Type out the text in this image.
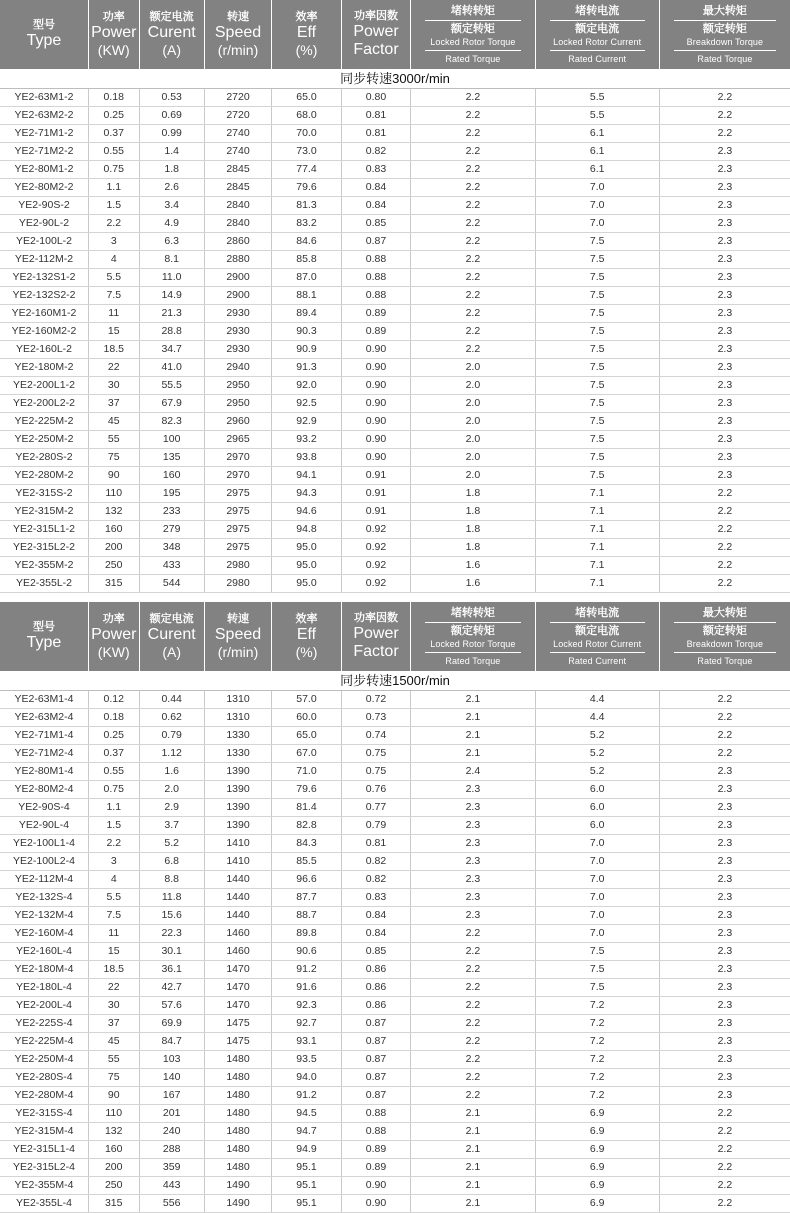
型号
Type	功率
Power
(KW)	额定电流
Curent
(A)	转速
Speed
(r/min)	效率
Eff
(%)	功率因数
Power
Factor	堵转转矩
额定转矩
Locked Rotor Torque
Rated Torque	堵转电流
额定电流
Locked Rotor Current
Rated Current	最大转矩
额定转矩
Breakdown Torque
Rated Torque

同步转速3000r/min								
YE2-63M1-2	0.18	0.53	2720	65.0	0.80	2.2	5.5	2.2
YE2-63M2-2	0.25	0.69	2720	68.0	0.81	2.2	5.5	2.2
YE2-71M1-2	0.37	0.99	2740	70.0	0.81	2.2	6.1	2.2
YE2-71M2-2	0.55	1.4	2740	73.0	0.82	2.2	6.1	2.3
YE2-80M1-2	0.75	1.8	2845	77.4	0.83	2.2	6.1	2.3
YE2-80M2-2	1.1	2.6	2845	79.6	0.84	2.2	7.0	2.3
YE2-90S-2	1.5	3.4	2840	81.3	0.84	2.2	7.0	2.3
YE2-90L-2	2.2	4.9	2840	83.2	0.85	2.2	7.0	2.3
YE2-100L-2	3	6.3	2860	84.6	0.87	2.2	7.5	2.3
YE2-112M-2	4	8.1	2880	85.8	0.88	2.2	7.5	2.3
YE2-132S1-2	5.5	11.0	2900	87.0	0.88	2.2	7.5	2.3
YE2-132S2-2	7.5	14.9	2900	88.1	0.88	2.2	7.5	2.3
YE2-160M1-2	11	21.3	2930	89.4	0.89	2.2	7.5	2.3
YE2-160M2-2	15	28.8	2930	90.3	0.89	2.2	7.5	2.3
YE2-160L-2	18.5	34.7	2930	90.9	0.90	2.2	7.5	2.3
YE2-180M-2	22	41.0	2940	91.3	0.90	2.0	7.5	2.3
YE2-200L1-2	30	55.5	2950	92.0	0.90	2.0	7.5	2.3
YE2-200L2-2	37	67.9	2950	92.5	0.90	2.0	7.5	2.3
YE2-225M-2	45	82.3	2960	92.9	0.90	2.0	7.5	2.3
YE2-250M-2	55	100	2965	93.2	0.90	2.0	7.5	2.3
YE2-280S-2	75	135	2970	93.8	0.90	2.0	7.5	2.3
YE2-280M-2	90	160	2970	94.1	0.91	2.0	7.5	2.3
YE2-315S-2	110	195	2975	94.3	0.91	1.8	7.1	2.2
YE2-315M-2	132	233	2975	94.6	0.91	1.8	7.1	2.2
YE2-315L1-2	160	279	2975	94.8	0.92	1.8	7.1	2.2
YE2-315L2-2	200	348	2975	95.0	0.92	1.8	7.1	2.2
YE2-355M-2	250	433	2980	95.0	0.92	1.6	7.1	2.2
YE2-355L-2	315	544	2980	95.0	0.92	1.6	7.1	2.2
型号
Type	功率
Power
(KW)	额定电流
Curent
(A)	转速
Speed
(r/min)	效率
Eff
(%)	功率因数
Power
Factor	堵转转矩
额定转矩
Locked Rotor Torque
Rated Torque	堵转电流
额定电流
Locked Rotor Current
Rated Current	最大转矩
额定转矩
Breakdown Torque
Rated Torque

同步转速1500r/min								
YE2-63M1-4	0.12	0.44	1310	57.0	0.72	2.1	4.4	2.2
YE2-63M2-4	0.18	0.62	1310	60.0	0.73	2.1	4.4	2.2
YE2-71M1-4	0.25	0.79	1330	65.0	0.74	2.1	5.2	2.2
YE2-71M2-4	0.37	1.12	1330	67.0	0.75	2.1	5.2	2.2
YE2-80M1-4	0.55	1.6	1390	71.0	0.75	2.4	5.2	2.3
YE2-80M2-4	0.75	2.0	1390	79.6	0.76	2.3	6.0	2.3
YE2-90S-4	1.1	2.9	1390	81.4	0.77	2.3	6.0	2.3
YE2-90L-4	1.5	3.7	1390	82.8	0.79	2.3	6.0	2.3
YE2-100L1-4	2.2	5.2	1410	84.3	0.81	2.3	7.0	2.3
YE2-100L2-4	3	6.8	1410	85.5	0.82	2.3	7.0	2.3
YE2-112M-4	4	8.8	1440	96.6	0.82	2.3	7.0	2.3
YE2-132S-4	5.5	11.8	1440	87.7	0.83	2.3	7.0	2.3
YE2-132M-4	7.5	15.6	1440	88.7	0.84	2.3	7.0	2.3
YE2-160M-4	11	22.3	1460	89.8	0.84	2.2	7.0	2.3
YE2-160L-4	15	30.1	1460	90.6	0.85	2.2	7.5	2.3
YE2-180M-4	18.5	36.1	1470	91.2	0.86	2.2	7.5	2.3
YE2-180L-4	22	42.7	1470	91.6	0.86	2.2	7.5	2.3
YE2-200L-4	30	57.6	1470	92.3	0.86	2.2	7.2	2.3
YE2-225S-4	37	69.9	1475	92.7	0.87	2.2	7.2	2.3
YE2-225M-4	45	84.7	1475	93.1	0.87	2.2	7.2	2.3
YE2-250M-4	55	103	1480	93.5	0.87	2.2	7.2	2.3
YE2-280S-4	75	140	1480	94.0	0.87	2.2	7.2	2.3
YE2-280M-4	90	167	1480	91.2	0.87	2.2	7.2	2.3
YE2-315S-4	110	201	1480	94.5	0.88	2.1	6.9	2.2
YE2-315M-4	132	240	1480	94.7	0.88	2.1	6.9	2.2
YE2-315L1-4	160	288	1480	94.9	0.89	2.1	6.9	2.2
YE2-315L2-4	200	359	1480	95.1	0.89	2.1	6.9	2.2
YE2-355M-4	250	443	1490	95.1	0.90	2.1	6.9	2.2
YE2-355L-4	315	556	1490	95.1	0.90	2.1	6.9	2.2
